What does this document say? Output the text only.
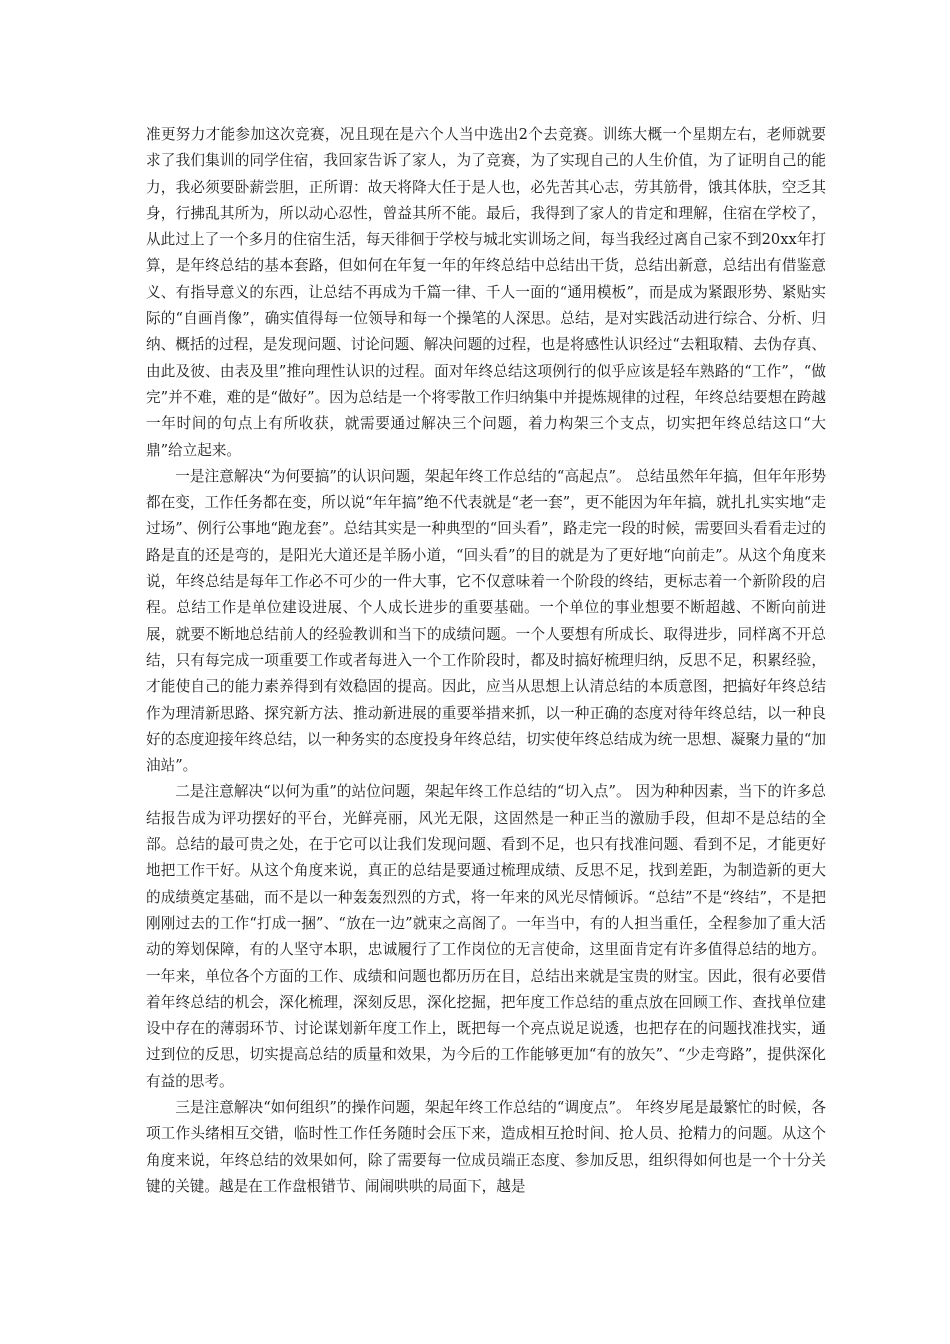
准更努力才能参加这次竞赛，况且现在是六个人当中选出2个去竞赛。训练大概一个星期左右，老师就要求了我们集训的同学住宿，我回家告诉了家人，为了竞赛，为了实现自己的人生价值，为了证明自己的能力，我必须要卧薪尝胆，正所谓：故天将降大任于是人也，必先苦其心志，劳其筋骨，饿其体肤，空乏其身，行拂乱其所为，所以动心忍性，曾益其所不能。最后，我得到了家人的肯定和理解，住宿在学校了，从此过上了一个多月的住宿生活，每天徘徊于学校与城北实训场之间，每当我经过离自己家不到20xx年打算，是年终总结的基本套路，但如何在年复一年的年终总结中总结出干货，总结出新意，总结出有借鉴意义、有指导意义的东西，让总结不再成为千篇一律、千人一面的“通用模板”，而是成为紧跟形势、紧贴实际的“自画肖像”，确实值得每一位领导和每一个操笔的人深思。总结，是对实践活动进行综合、分析、归纳、概括的过程，是发现问题、讨论问题、解决问题的过程，也是将感性认识经过“去粗取精、去伪存真、由此及彼、由表及里”推向理性认识的过程。面对年终总结这项例行的似乎应该是轻车熟路的“工作”，“做完”并不难，难的是“做好”。因为总结是一个将零散工作归纳集中并提炼规律的过程，年终总结要想在跨越一年时间的句点上有所收获，就需要通过解决三个问题，着力构架三个支点，切实把年终总结这口“大鼎”给立起来。

一是注意解决“为何要搞”的认识问题，架起年终工作总结的“高起点”。 总结虽然年年搞，但年年形势都在变，工作任务都在变，所以说“年年搞”绝不代表就是“老一套”，更不能因为年年搞，就扎扎实实地“走过场”、例行公事地“跑龙套”。总结其实是一种典型的“回头看”，路走完一段的时候，需要回头看看走过的路是直的还是弯的，是阳光大道还是羊肠小道，“回头看”的目的就是为了更好地“向前走”。从这个角度来说，年终总结是每年工作必不可少的一件大事，它不仅意味着一个阶段的终结，更标志着一个新阶段的启程。总结工作是单位建设进展、个人成长进步的重要基础。一个单位的事业想要不断超越、不断向前进展，就要不断地总结前人的经验教训和当下的成绩问题。一个人要想有所成长、取得进步，同样离不开总结，只有每完成一项重要工作或者每进入一个工作阶段时，都及时搞好梳理归纳，反思不足，积累经验，才能使自己的能力素养得到有效稳固的提高。因此，应当从思想上认清总结的本质意图，把搞好年终总结作为理清新思路、探究新方法、推动新进展的重要举措来抓，以一种正确的态度对待年终总结，以一种良好的态度迎接年终总结，以一种务实的态度投身年终总结，切实使年终总结成为统一思想、凝聚力量的“加油站”。

二是注意解决“以何为重”的站位问题，架起年终工作总结的“切入点”。 因为种种因素，当下的许多总结报告成为评功摆好的平台，光鲜亮丽，风光无限，这固然是一种正当的激励手段，但却不是总结的全部。总结的最可贵之处，在于它可以让我们发现问题、看到不足，也只有找准问题、看到不足，才能更好地把工作干好。从这个角度来说，真正的总结是要通过梳理成绩、反思不足，找到差距，为制造新的更大的成绩奠定基础，而不是以一种轰轰烈烈的方式，将一年来的风光尽情倾诉。“总结”不是“终结”，不是把刚刚过去的工作“打成一捆”、“放在一边”就束之高阁了。一年当中，有的人担当重任，全程参加了重大活动的筹划保障，有的人坚守本职，忠诚履行了工作岗位的无言使命，这里面肯定有许多值得总结的地方。一年来，单位各个方面的工作、成绩和问题也都历历在目，总结出来就是宝贵的财宝。因此，很有必要借着年终总结的机会，深化梳理，深刻反思，深化挖掘，把年度工作总结的重点放在回顾工作、查找单位建设中存在的薄弱环节、讨论谋划新年度工作上，既把每一个亮点说足说透，也把存在的问题找准找实，通过到位的反思，切实提高总结的质量和效果，为今后的工作能够更加“有的放矢”、“少走弯路”，提供深化有益的思考。

三是注意解决“如何组织”的操作问题，架起年终工作总结的“调度点”。 年终岁尾是最繁忙的时候，各项工作头绪相互交错，临时性工作任务随时会压下来，造成相互抢时间、抢人员、抢精力的问题。从这个角度来说，年终总结的效果如何，除了需要每一位成员端正态度、参加反思，组织得如何也是一个十分关键的关键。越是在工作盘根错节、闹闹哄哄的局面下，越是
